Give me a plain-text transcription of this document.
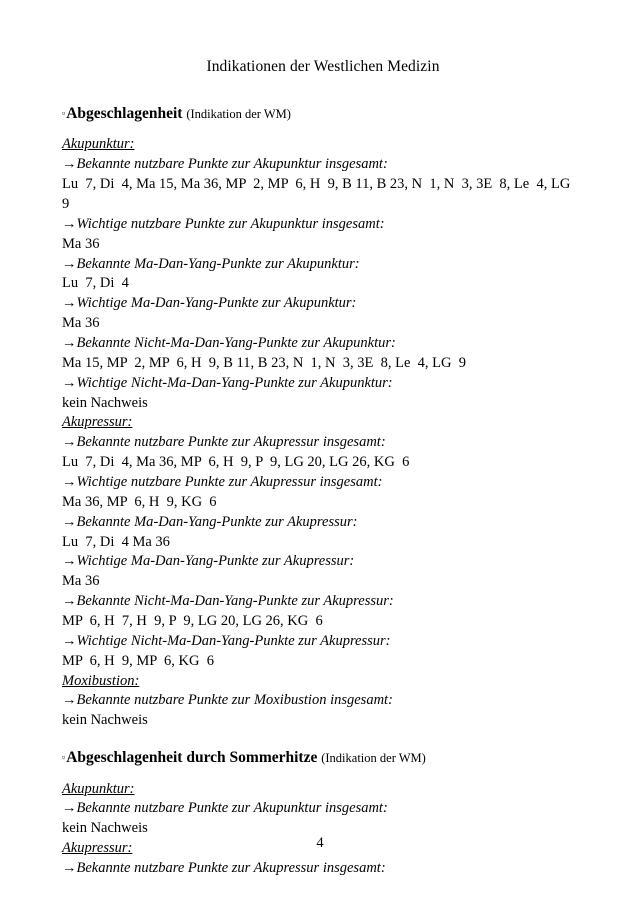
Indikationen der Westlichen Medizin
▫Abgeschlagenheit (Indikation der WM)
Akupunktur:
→Bekannte nutzbare Punkte zur Akupunktur insgesamt:
Lu  7, Di  4, Ma 15, Ma 36, MP  2, MP  6, H  9, B 11, B 23, N  1, N  3, 3E  8, Le  4, LG  9
→Wichtige nutzbare Punkte zur Akupunktur insgesamt:
Ma 36
→Bekannte Ma-Dan-Yang-Punkte zur Akupunktur:
Lu  7, Di  4
→Wichtige Ma-Dan-Yang-Punkte zur Akupunktur:
Ma 36
→Bekannte Nicht-Ma-Dan-Yang-Punkte zur Akupunktur:
Ma 15, MP  2, MP  6, H  9, B 11, B 23, N  1, N  3, 3E  8, Le  4, LG  9
→Wichtige Nicht-Ma-Dan-Yang-Punkte zur Akupunktur:
kein Nachweis
Akupressur:
→Bekannte nutzbare Punkte zur Akupressur insgesamt:
Lu  7, Di  4, Ma 36, MP  6, H  9, P  9, LG 20, LG 26, KG  6
→Wichtige nutzbare Punkte zur Akupressur insgesamt:
Ma 36, MP  6, H  9, KG  6
→Bekannte Ma-Dan-Yang-Punkte zur Akupressur:
Lu  7, Di  4 Ma 36
→Wichtige Ma-Dan-Yang-Punkte zur Akupressur:
Ma 36
→Bekannte Nicht-Ma-Dan-Yang-Punkte zur Akupressur:
MP  6, H  7, H  9, P  9, LG 20, LG 26, KG  6
→Wichtige Nicht-Ma-Dan-Yang-Punkte zur Akupressur:
MP  6, H  9, MP  6, KG  6
Moxibustion:
→Bekannte nutzbare Punkte zur Moxibustion insgesamt:
kein Nachweis
▫Abgeschlagenheit durch Sommerhitze (Indikation der WM)
Akupunktur:
→Bekannte nutzbare Punkte zur Akupunktur insgesamt:
kein Nachweis
Akupressur:
→Bekannte nutzbare Punkte zur Akupressur insgesamt:
4
